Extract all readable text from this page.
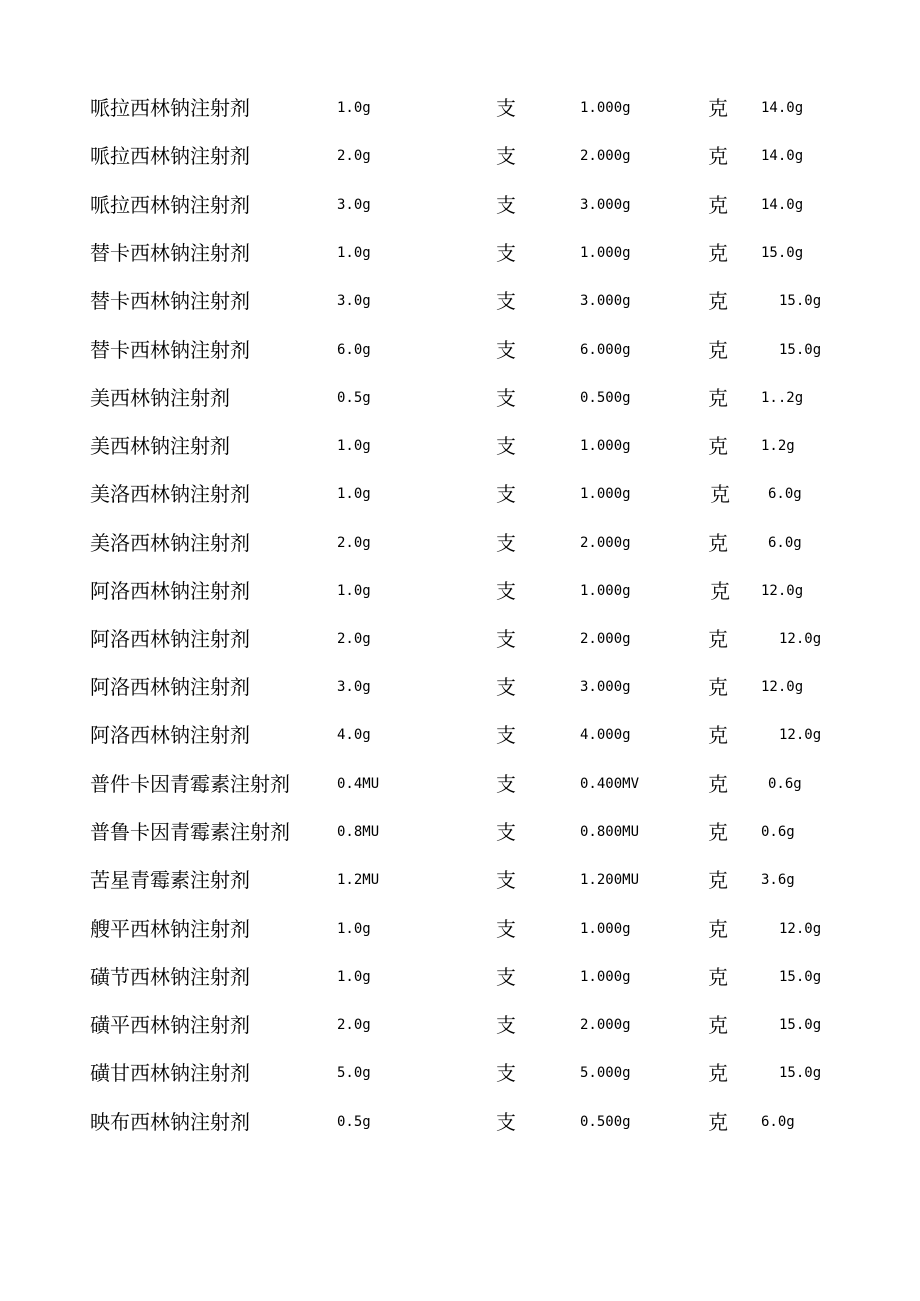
哌拉西林钠注射剂	1.0g	支	1.000g	克 14.0g
哌拉西林钠注射剂	2.0g	支	2.000g	克 14.0g
哌拉西林钠注射剂	3.0g	支	3.000g	克 14.0g
替卡西林钠注射剂	1.0g	支	1.000g	克 15.0g
替卡西林钠注射剂	3.0g	支	3.000g	克	15.0g
替卡西林钠注射剂	6.0g	支	6.000g	克	15.0g
美西林钠注射剂	0.5g	支	0.500g	克 1..2g
美西林钠注射剂	1.0g	支	1.000g	克 1.2g
美洛西林钠注射剂	1.0g	支	1.000g	克	6.0g
美洛西林钠注射剂	2.0g	支	2.000g	克	6.0g
阿洛西林钠注射剂	1.0g	支	1.000g	克 12.0g
阿洛西林钠注射剂	2.0g	支	2.000g	克	12.0g
阿洛西林钠注射剂	3.0g	支	3.000g	克 12.0g
阿洛西林钠注射剂	4.0g	支	4.000g	克	12.0g
普件卡因青霉素注射剂	0.4MU	支	0.400MV	克	0.6g
普鲁卡因青霉素注射剂	0.8MU	支	0.800MU	克 0.6g
苦星青霉素注射剂	1.2MU	支	1.200MU	克 3.6g
艘平西林钠注射剂	1.0g	支	1.000g	克	12.0g
磺节西林钠注射剂	1.0g	支	1.000g	克	15.0g
磺平西林钠注射剂	2.0g	支	2.000g	克	15.0g
磺甘西林钠注射剂	5.0g	支	5.000g	克	15.0g
映布西林钠注射剂	0.5g	支	0.500g	克 6.0g
